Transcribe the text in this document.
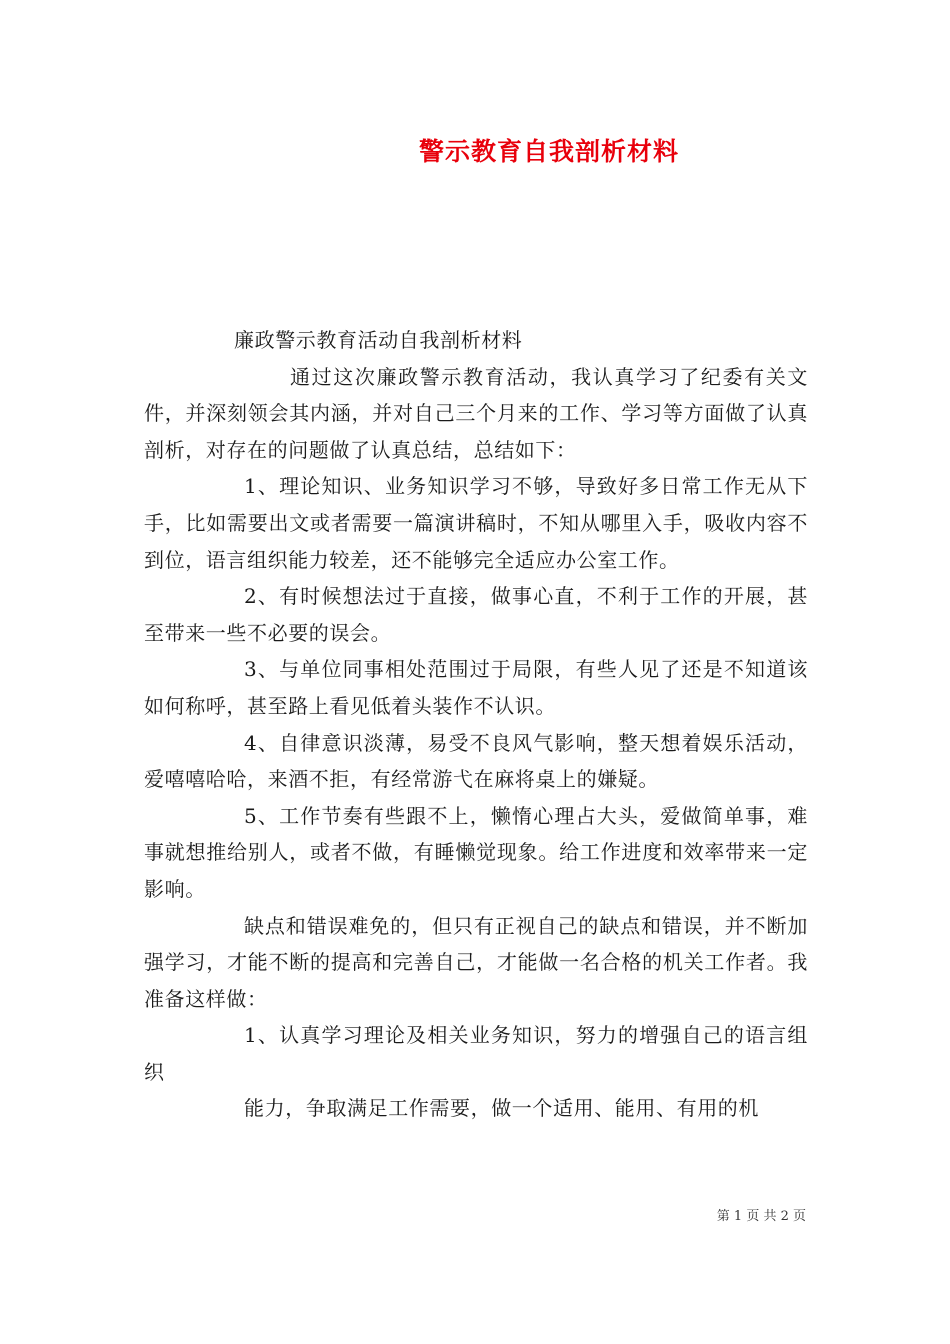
警示教育自我剖析材料

廉政警示教育活动自我剖析材料

通过这次廉政警示教育活动，我认真学习了纪委有关文件，并深刻领会其内涵，并对自己三个月来的工作、学习等方面做了认真剖析，对存在的问题做了认真总结，总结如下：

1、理论知识、业务知识学习不够，导致好多日常工作无从下手，比如需要出文或者需要一篇演讲稿时，不知从哪里入手，吸收内容不到位，语言组织能力较差，还不能够完全适应办公室工作。

2、有时候想法过于直接，做事心直，不利于工作的开展，甚至带来一些不必要的误会。

3、与单位同事相处范围过于局限，有些人见了还是不知道该如何称呼，甚至路上看见低着头装作不认识。

4、自律意识淡薄，易受不良风气影响，整天想着娱乐活动，爱嘻嘻哈哈，来酒不拒，有经常游弋在麻将桌上的嫌疑。

5、工作节奏有些跟不上，懒惰心理占大头，爱做简单事，难事就想推给别人，或者不做，有睡懒觉现象。给工作进度和效率带来一定影响。

缺点和错误难免的，但只有正视自己的缺点和错误，并不断加强学习，才能不断的提高和完善自己，才能做一名合格的机关工作者。我准备这样做：

1、认真学习理论及相关业务知识，努力的增强自己的语言组织

能力，争取满足工作需要，做一个适用、能用、有用的机

第 1 页 共 2 页
